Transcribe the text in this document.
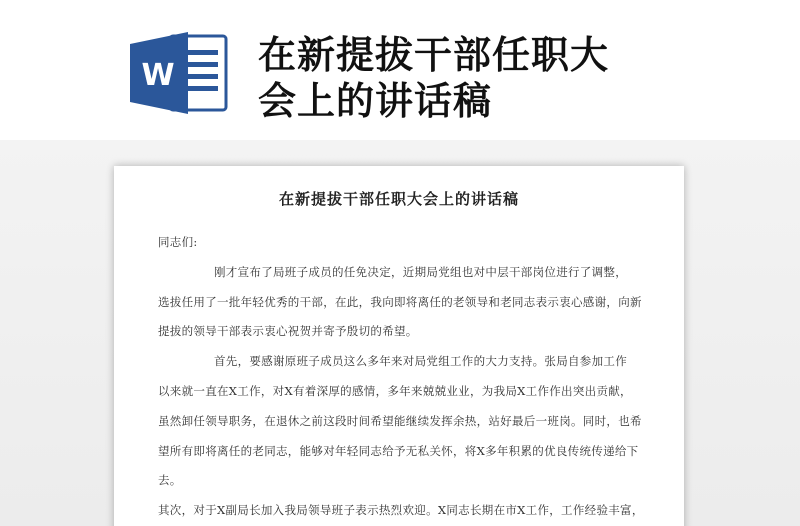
W 在新提拔干部任职大
会上的讲话稿
在新提拔干部任职大会上的讲话稿
同志们:
刚才宣布了局班子成员的任免决定，近期局党组也对中层干部岗位进行了调整，
选拔任用了一批年轻优秀的干部，在此，我向即将离任的老领导和老同志表示衷心感谢，向新
提拔的领导干部表示衷心祝贺并寄予殷切的希望。
首先，要感谢原班子成员这么多年来对局党组工作的大力支持。张局自参加工作
以来就一直在X工作，对X有着深厚的感情，多年来兢兢业业，为我局X工作作出突出贡献，
虽然卸任领导职务，在退休之前这段时间希望能继续发挥余热，站好最后一班岗。同时，也希
望所有即将离任的老同志，能够对年轻同志给予无私关怀，将X多年积累的优良传统传递给下
去。
其次，对于X副局长加入我局领导班子表示热烈欢迎。X同志长期在市X工作，工作经验丰富，
